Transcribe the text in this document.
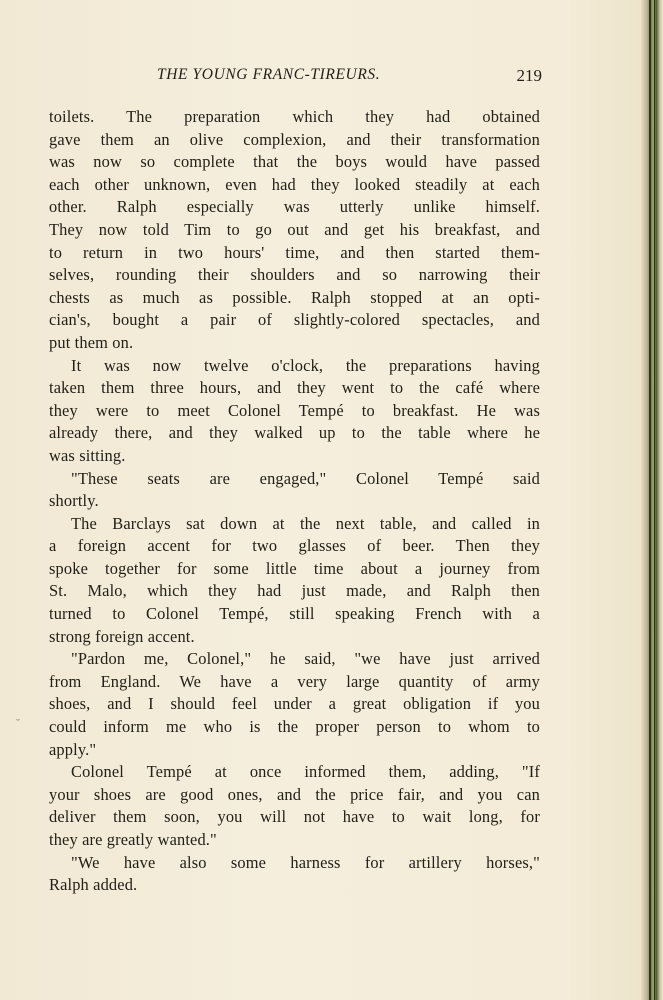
THE YOUNG FRANC-TIREURS.	219
toilets. The preparation which they had obtained
gave them an olive complexion, and their transformation
was now so complete that the boys would have passed
each other unknown, even had they looked steadily at each
other. Ralph especially was utterly unlike himself.
They now told Tim to go out and get his breakfast, and
to return in two hours' time, and then started them-
selves, rounding their shoulders and so narrowing their
chests as much as possible. Ralph stopped at an opti-
cian's, bought a pair of slightly-colored spectacles, and
put them on.
It was now twelve o'clock, the preparations having
taken them three hours, and they went to the café where
they were to meet Colonel Tempé to breakfast. He was
already there, and they walked up to the table where he
was sitting.
"These seats are engaged," Colonel Tempé said
shortly.
The Barclays sat down at the next table, and called in
a foreign accent for two glasses of beer. Then they
spoke together for some little time about a journey from
St. Malo, which they had just made, and Ralph then
turned to Colonel Tempé, still speaking French with a
strong foreign accent.
"Pardon me, Colonel," he said, "we have just arrived
from England. We have a very large quantity of army
shoes, and I should feel under a great obligation if you
could inform me who is the proper person to whom to
apply."
Colonel Tempé at once informed them, adding, "If
your shoes are good ones, and the price fair, and you can
deliver them soon, you will not have to wait long, for
they are greatly wanted."
"We have also some harness for artillery horses,"
Ralph added.
˘
